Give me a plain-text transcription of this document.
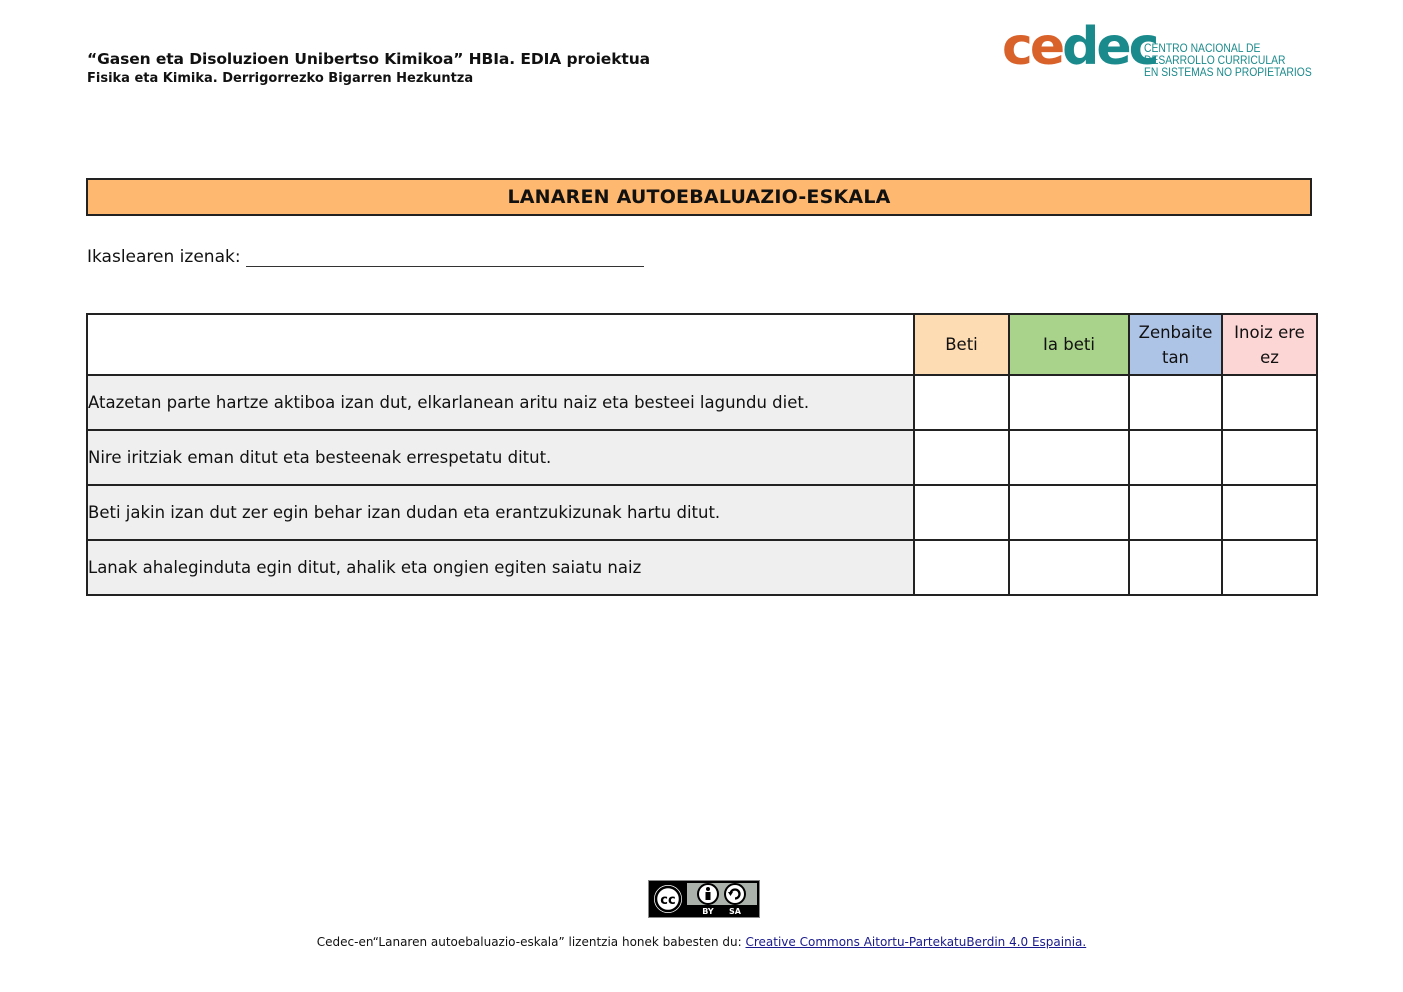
“Gasen eta Disoluzioen Unibertso Kimikoa” HBIa. EDIA proiektua
Fisika eta Kimika. Derrigorrezko Bigarren Hezkuntza
cedec
CENTRO NACIONAL DE
DESARROLLO CURRICULAR
EN SISTEMAS NO PROPIETARIOS
LANAREN AUTOEBALUAZIO-ESKALA
Ikaslearen izenak:
	Beti	Ia beti	Zenbaite tan	Inoiz ere ez
Atazetan parte hartze aktiboa izan dut, elkarlanean aritu naiz eta besteei lagundu diet.				
Nire iritziak eman ditut eta besteenak errespetatu ditut.				
Beti jakin izan dut zer egin behar izan dudan eta erantzukizunak hartu ditut.				
Lanak ahaleginduta egin ditut, ahalik eta ongien egiten saiatu naiz				
cc
BY SA
Cedec-en“Lanaren autoebaluazio-eskala” lizentzia honek babesten du: Creative Commons Aitortu-PartekatuBerdin 4.0 Espainia.
